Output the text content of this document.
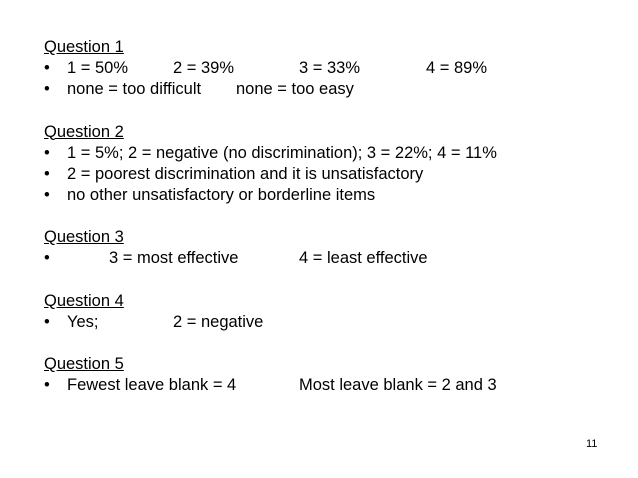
Question 1
• 1 = 50%	2 = 39%	3 = 33%	4 = 89%
• none = too difficult none = too easy
Question 2
• 1 = 5%; 2 = negative (no discrimination); 3 = 22%; 4 = 11%
• 2 = poorest discrimination and it is unsatisfactory
• no other unsatisfactory or borderline items
Question 3
•	3 = most effective	4 = least effective
Question 4
• Yes;	2 = negative
Question 5
• Fewest leave blank = 4	Most leave blank = 2 and 3
11
